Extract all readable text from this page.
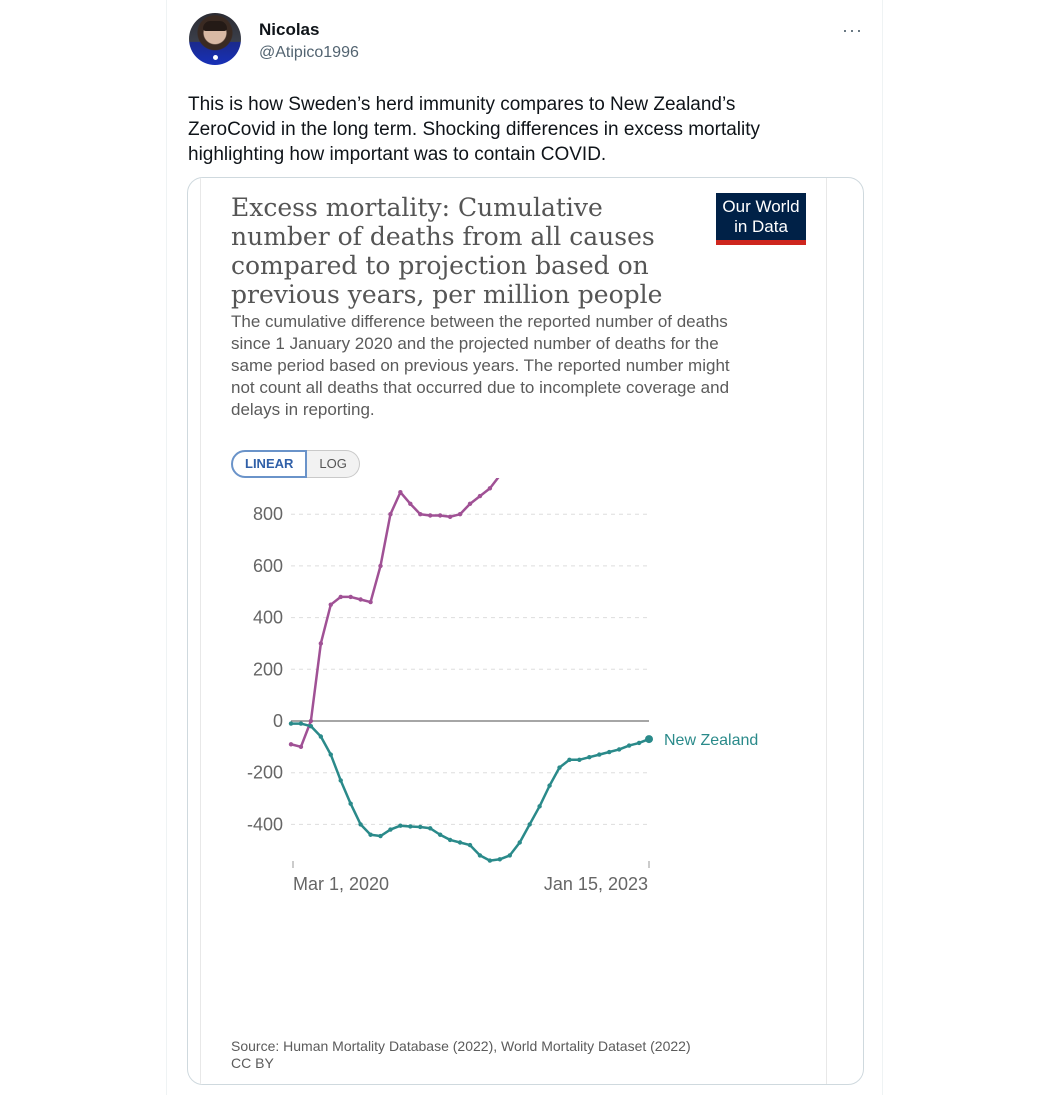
Nicolas
@Atipico1996
···
This is how Sweden’s herd immunity compares to New Zealand’s
ZeroCovid in the long term. Shocking differences in excess mortality
highlighting how important was to contain COVID.
Excess mortality: Cumulative
number of deaths from all causes
compared to projection based on
previous years, per million people
Our World
in Data
The cumulative difference between the reported number of deaths
since 1 January 2020 and the projected number of deaths for the
same period based on previous years. The reported number might
not count all deaths that occurred due to incomplete coverage and
delays in reporting.
LINEAR	LOG
800
600
400
200
0
-200
-400
Mar 1, 2020	Jan 15, 2023
New Zealand
Source: Human Mortality Database (2022), World Mortality Dataset (2022)
CC BY
